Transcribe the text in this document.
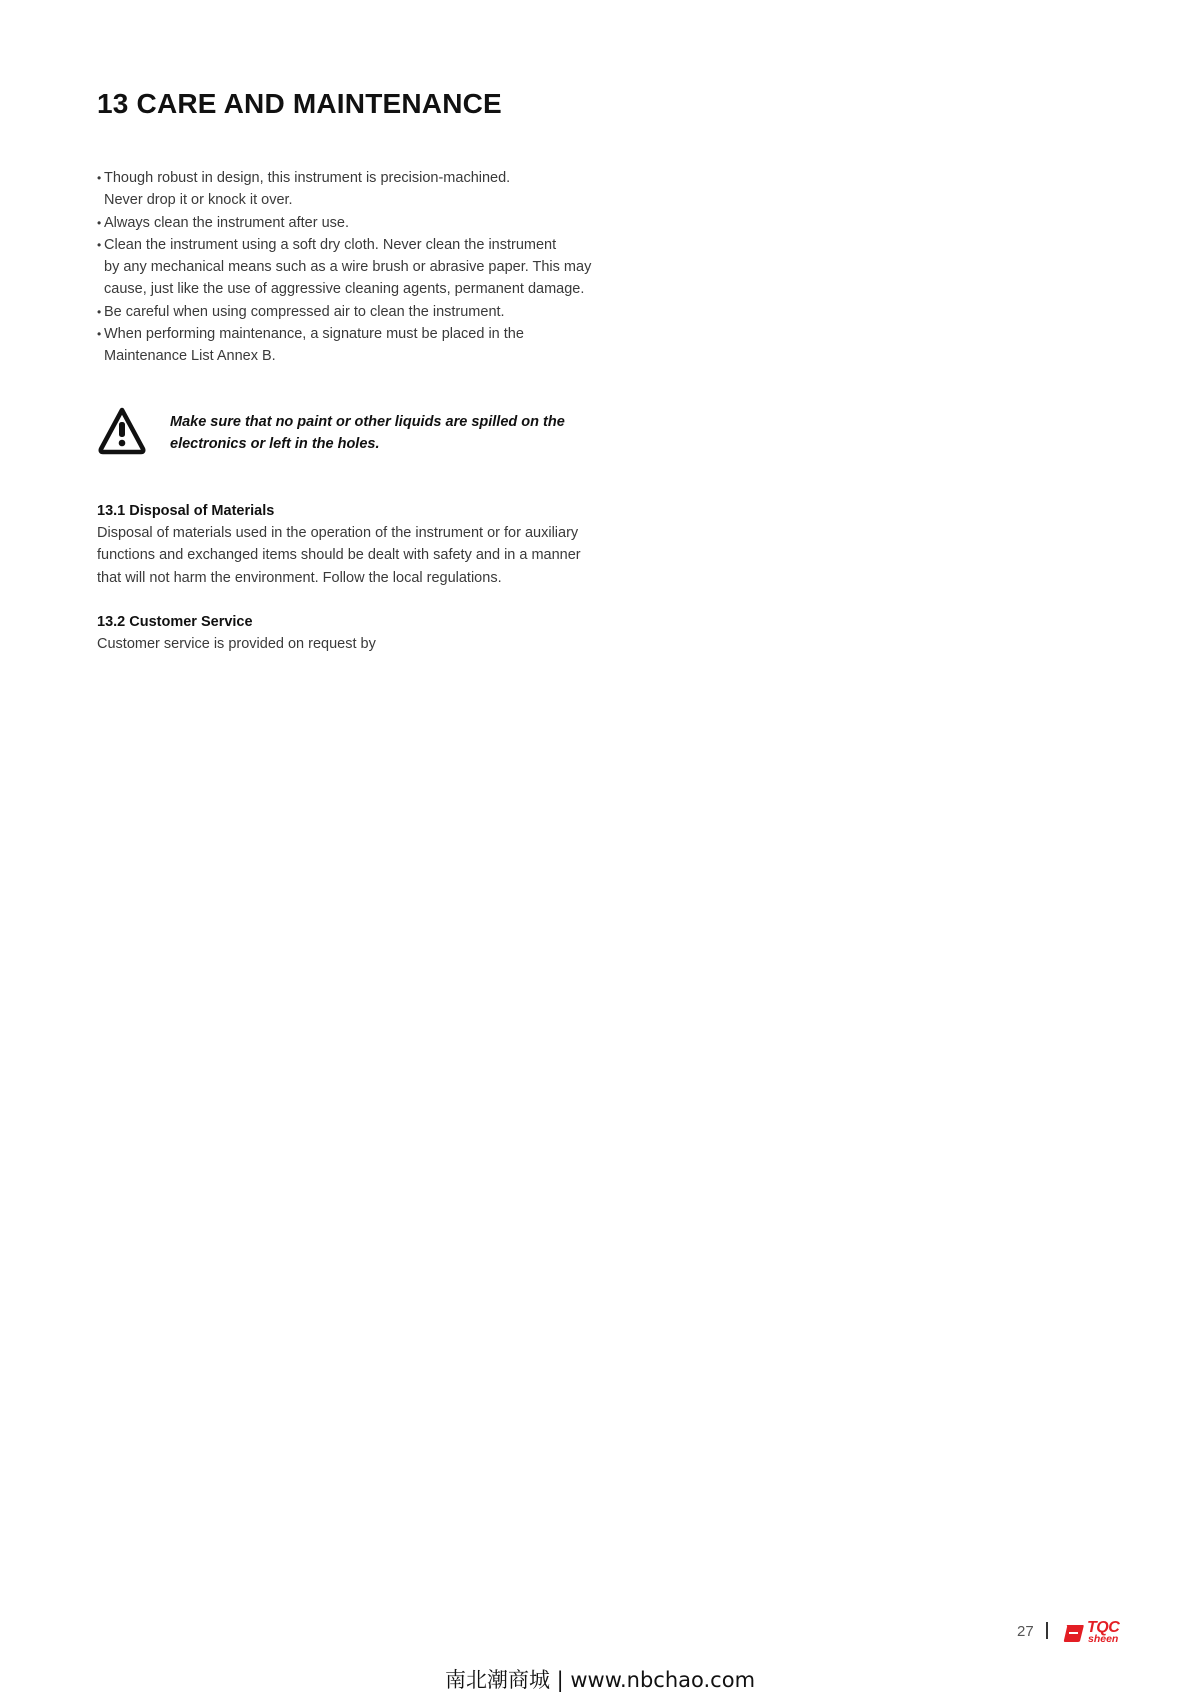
13 CARE AND MAINTENANCE
• Though robust in design, this instrument is precision-machined.
Never drop it or knock it over.
• Always clean the instrument after use.
• Clean the instrument using a soft dry cloth. Never clean the instrument
by any mechanical means such as a wire brush or abrasive paper. This may
cause, just like the use of aggressive cleaning agents, permanent damage.
• Be careful when using compressed air to clean the instrument.
• When performing maintenance, a signature must be placed in the
Maintenance List Annex B.
Make sure that no paint or other liquids are spilled on the
electronics or left in the holes.
13.1 Disposal of Materials

Disposal of materials used in the operation of the instrument or for auxiliary
functions and exchanged items should be dealt with safety and in a manner
that will not harm the environment. Follow the local regulations.

13.2 Customer Service

Customer service is provided on request by

27	TQC
sheen
南北潮商城 | www.nbchao.com
